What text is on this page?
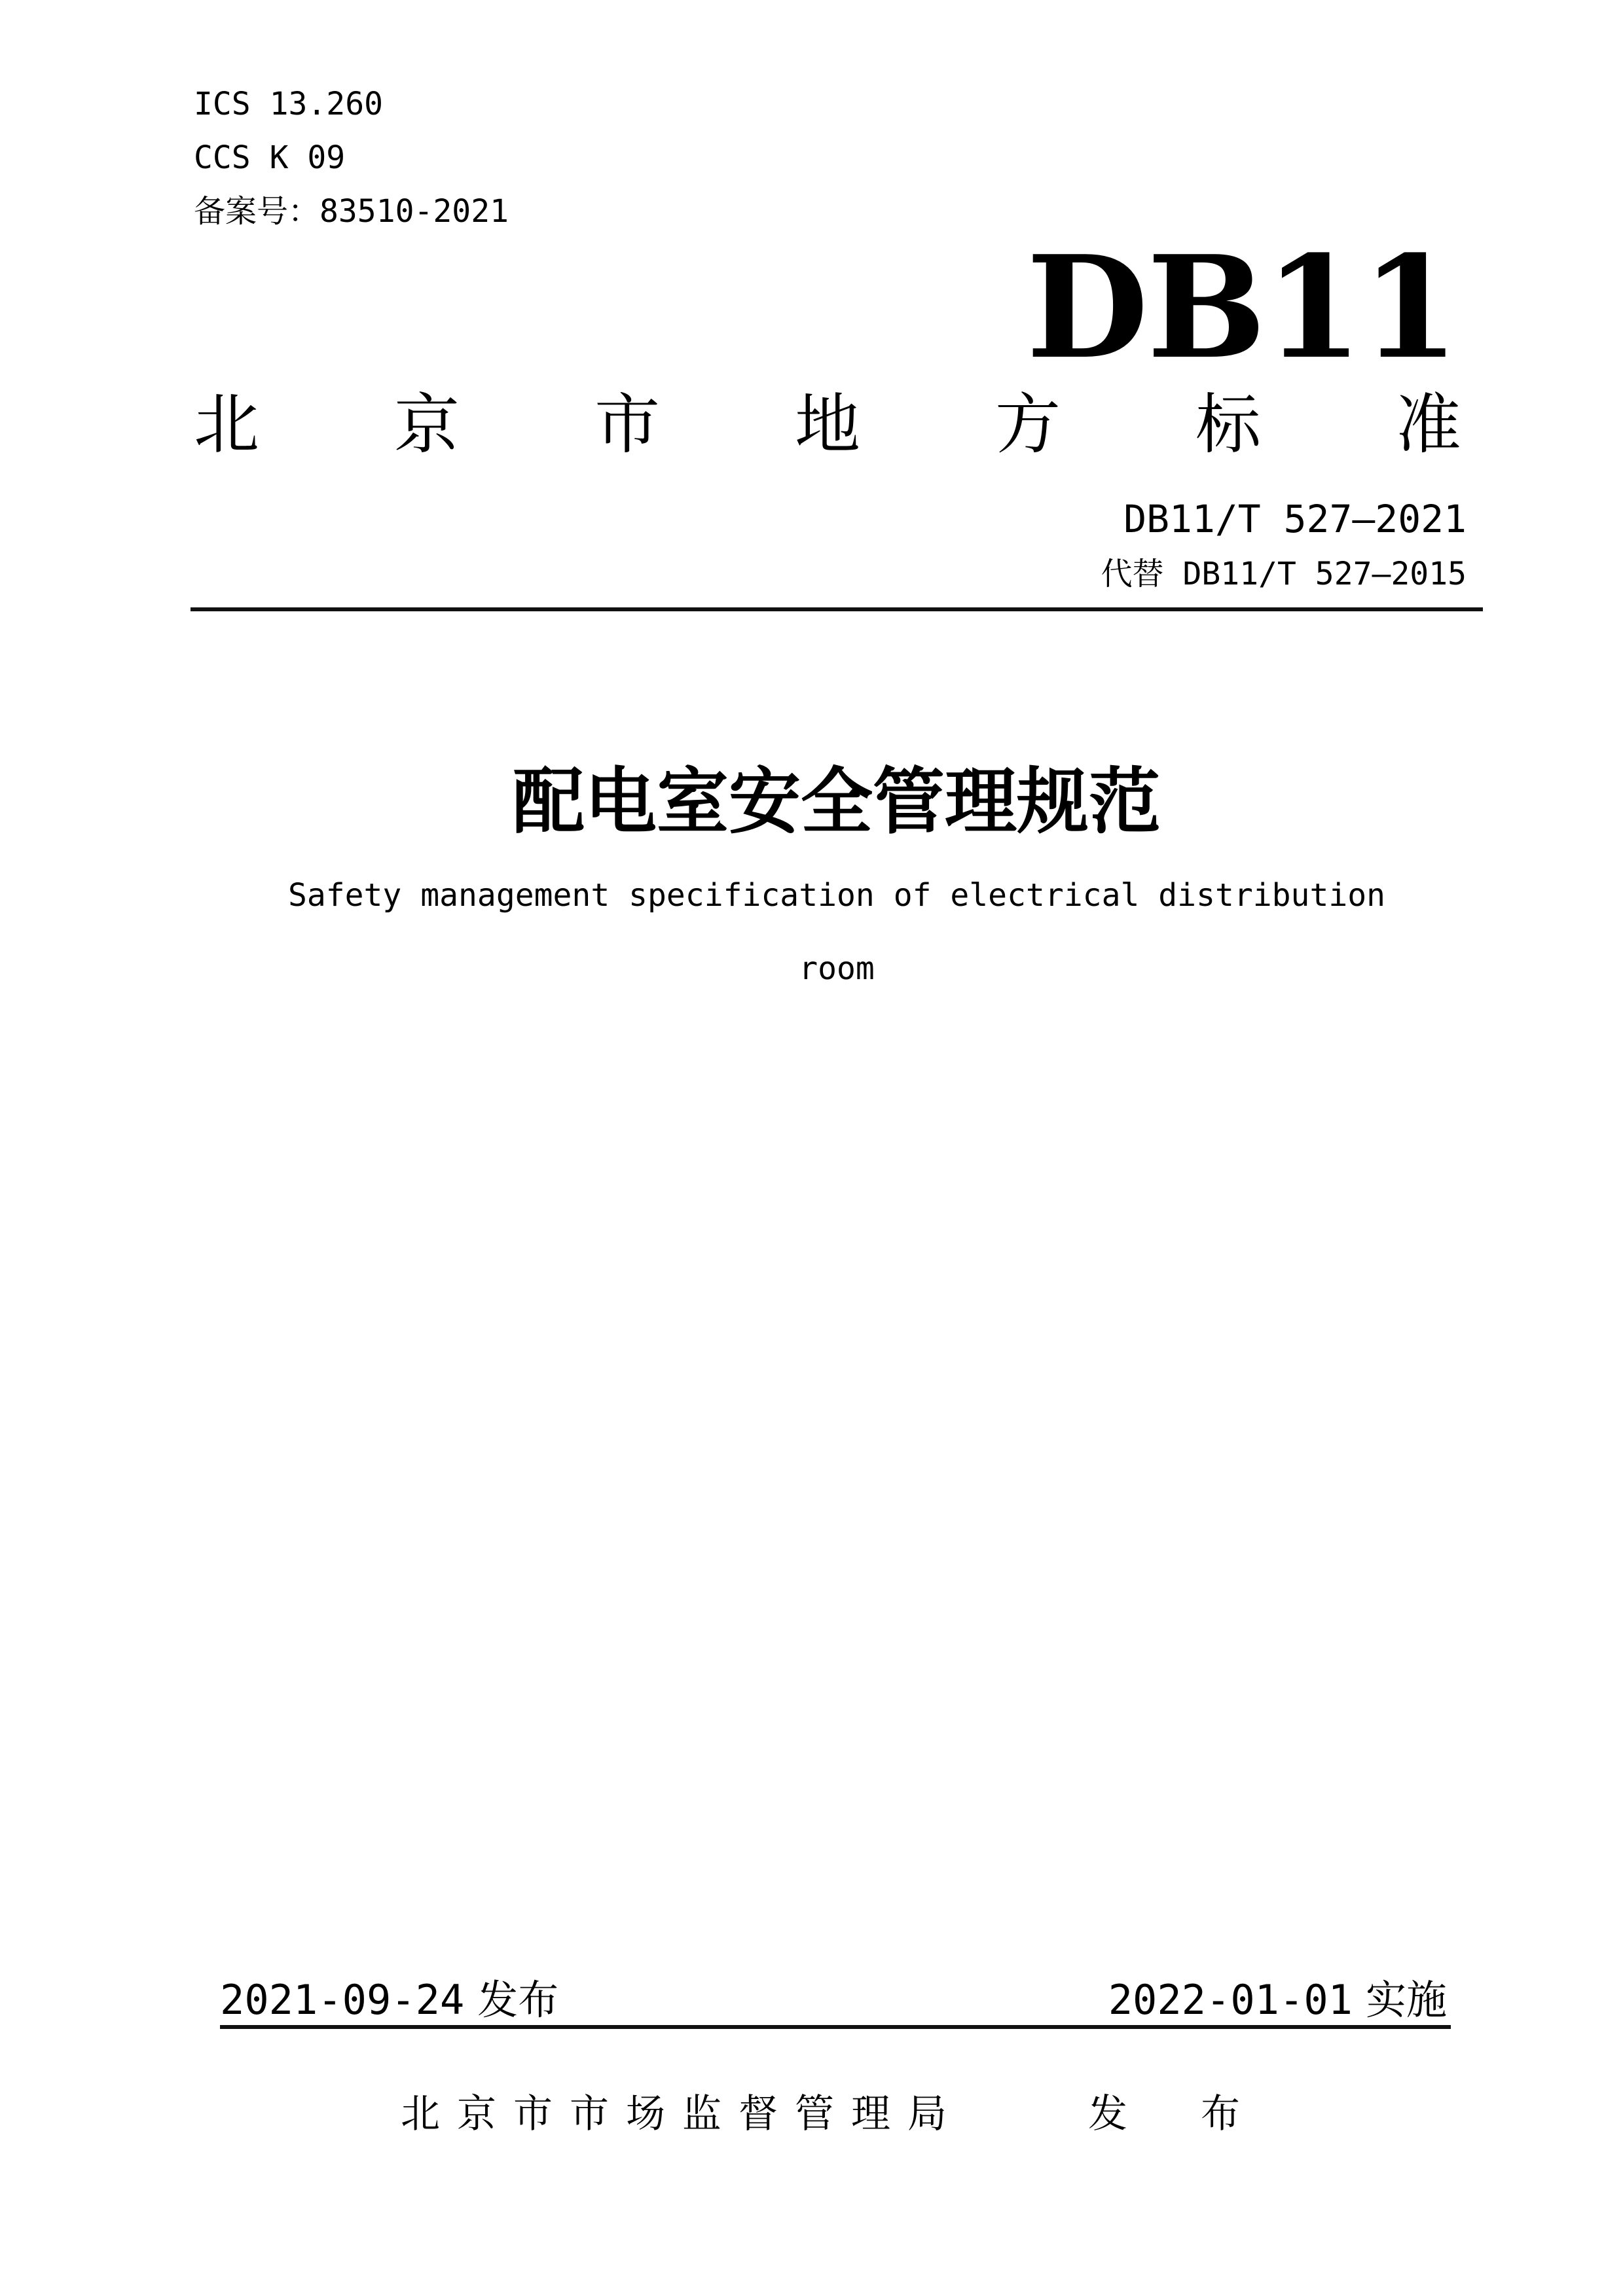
ICS 13.260
CCS K 09
备案号：83510-2021
DB11
北 京 市 地 方 标 准
DB11/T 527—2021
代替 DB11/T 527—2015
配电室安全管理规范
Safety management specification of electrical distribution
room
2021-09-24 发布	2022-01-01 实施
北京市市场监督管理局	发　布
